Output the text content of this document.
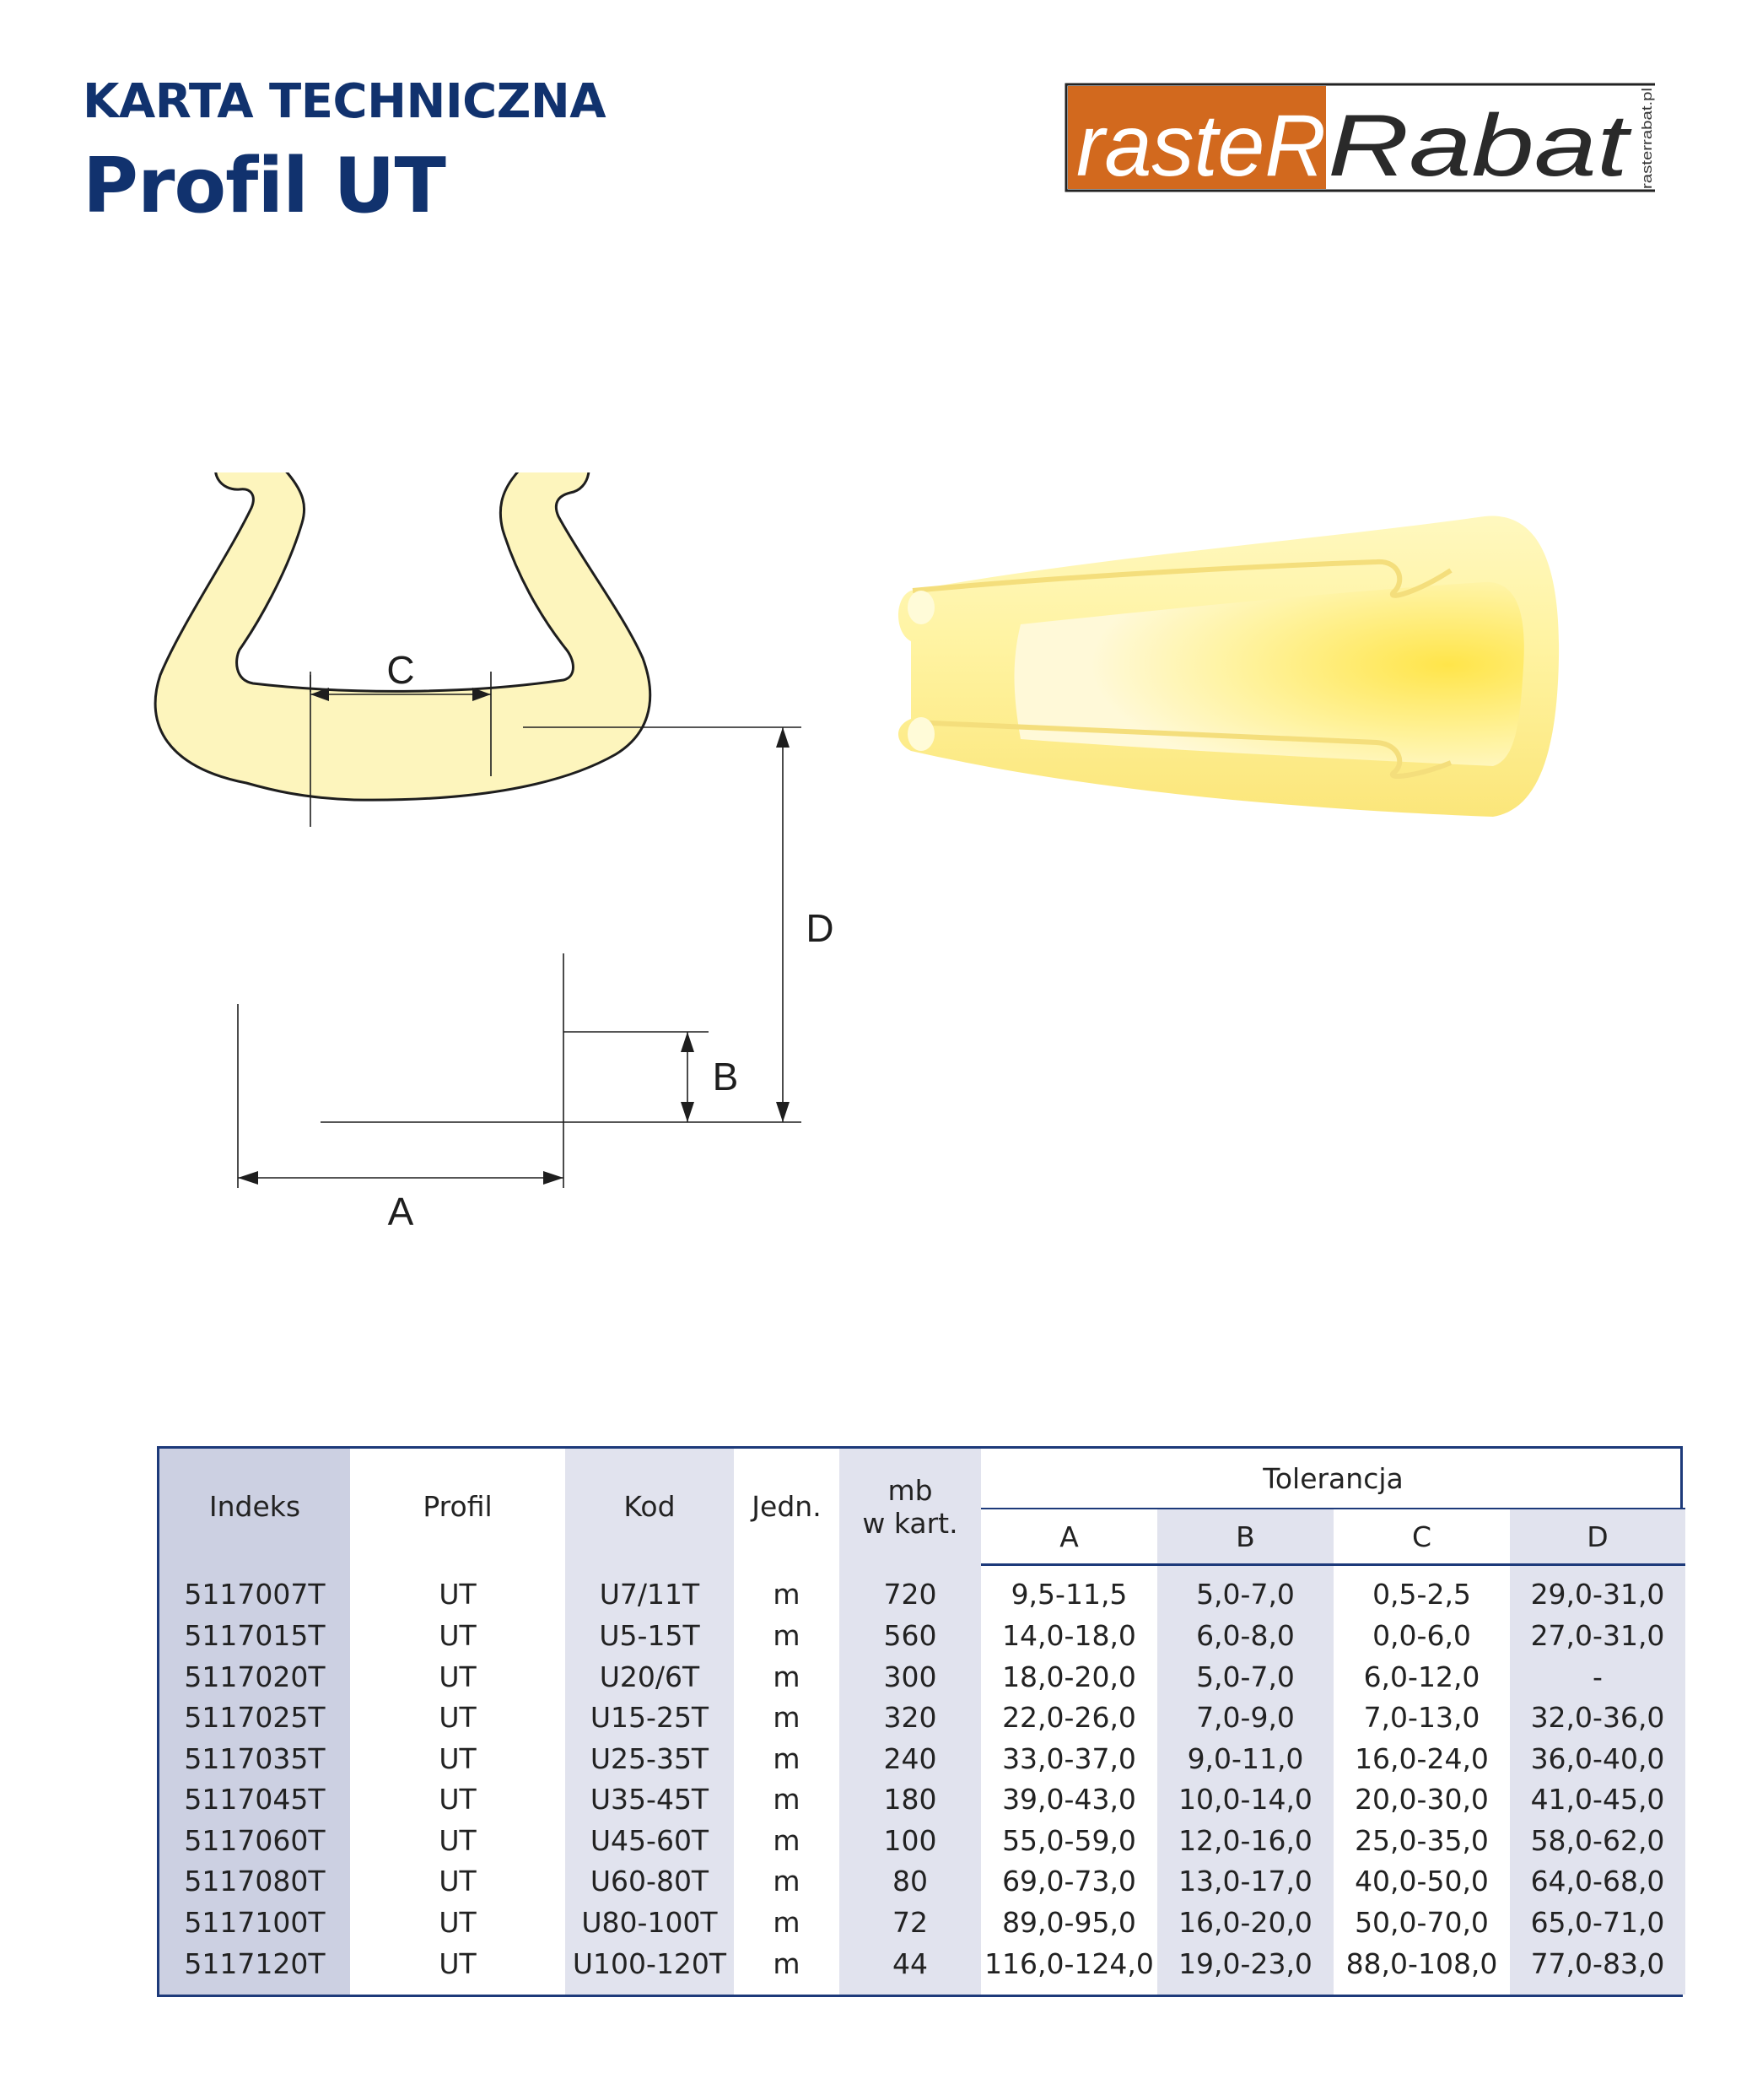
KARTA TECHNICZNA
Profil UT	rasteR Rabat rasterrabat.pl
C
A
B
D
Indeks	Profil	Kod	Jedn.	mb
w kart.	Tolerancja			
					A	B	C	D
5117007T	UT	U7/11T	m	720	9,5-11,5	5,0-7,0	0,5-2,5	29,0-31,0
5117015T	UT	U5-15T	m	560	14,0-18,0	6,0-8,0	0,0-6,0	27,0-31,0
5117020T	UT	U20/6T	m	300	18,0-20,0	5,0-7,0	6,0-12,0	-
5117025T	UT	U15-25T	m	320	22,0-26,0	7,0-9,0	7,0-13,0	32,0-36,0
5117035T	UT	U25-35T	m	240	33,0-37,0	9,0-11,0	16,0-24,0	36,0-40,0
5117045T	UT	U35-45T	m	180	39,0-43,0	10,0-14,0	20,0-30,0	41,0-45,0
5117060T	UT	U45-60T	m	100	55,0-59,0	12,0-16,0	25,0-35,0	58,0-62,0
5117080T	UT	U60-80T	m	80	69,0-73,0	13,0-17,0	40,0-50,0	64,0-68,0
5117100T	UT	U80-100T	m	72	89,0-95,0	16,0-20,0	50,0-70,0	65,0-71,0
5117120T	UT	U100-120T	m	44	116,0-124,0	19,0-23,0	88,0-108,0	77,0-83,0
